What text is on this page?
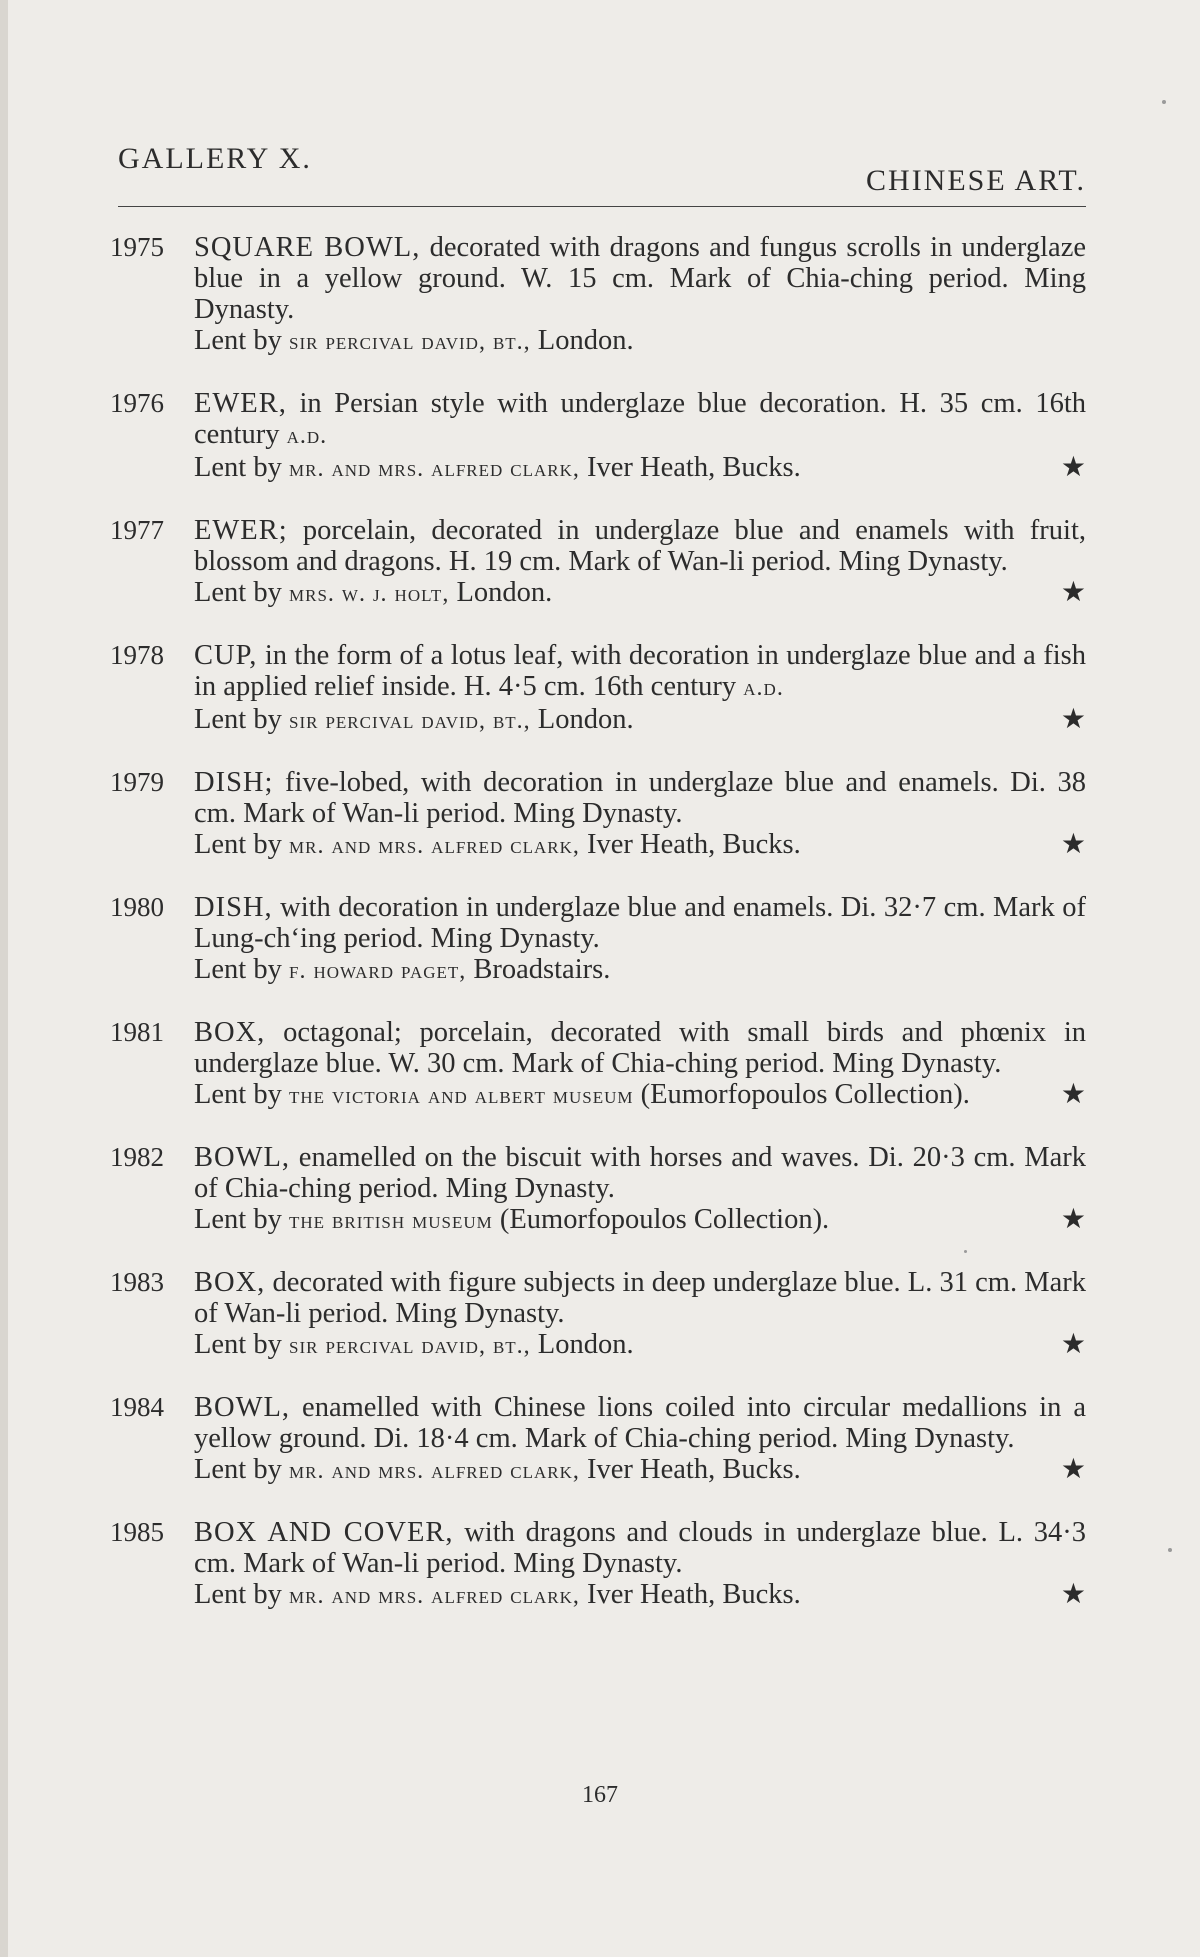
GALLERY X.
CHINESE ART.
1975	SQUARE BOWL, decorated with dragons and fungus scrolls in underglaze blue in a yellow ground. W. 15 cm. Mark of Chia-ching period. Ming Dynasty.
Lent by sir percival david, bt., London.
1976	EWER, in Persian style with underglaze blue decoration. H. 35 cm. 16th century a.d.
★
Lent by mr. and mrs. alfred clark, Iver Heath, Bucks.
1977	EWER; porcelain, decorated in underglaze blue and enamels with fruit, blossom and dragons. H. 19 cm. Mark of Wan-li period. Ming Dynasty.
★
Lent by mrs. w. j. holt, London.
1978	CUP, in the form of a lotus leaf, with decoration in underglaze blue and a fish in applied relief inside. H. 4·5 cm. 16th century a.d.
★
Lent by sir percival david, bt., London.
1979	DISH; five-lobed, with decoration in underglaze blue and enamels. Di. 38 cm. Mark of Wan-li period. Ming Dynasty.
★
Lent by mr. and mrs. alfred clark, Iver Heath, Bucks.
1980	DISH, with decoration in underglaze blue and enamels. Di. 32·7 cm. Mark of Lung-ch‘ing period. Ming Dynasty.
Lent by f. howard paget, Broadstairs.
1981	BOX, octagonal; porcelain, decorated with small birds and phœnix in underglaze blue. W. 30 cm. Mark of Chia-ching period. Ming Dynasty.
★
Lent by the victoria and albert museum (Eumorfopoulos Collection).
1982	BOWL, enamelled on the biscuit with horses and waves. Di. 20·3 cm. Mark of Chia-ching period. Ming Dynasty.
★
Lent by the british museum (Eumorfopoulos Collection).
1983	BOX, decorated with figure subjects in deep underglaze blue. L. 31 cm. Mark of Wan-li period. Ming Dynasty.
★
Lent by sir percival david, bt., London.
1984	BOWL, enamelled with Chinese lions coiled into circular medallions in a yellow ground. Di. 18·4 cm. Mark of Chia-ching period. Ming Dynasty.
★
Lent by mr. and mrs. alfred clark, Iver Heath, Bucks.
1985	BOX AND COVER, with dragons and clouds in underglaze blue. L. 34·3 cm. Mark of Wan-li period. Ming Dynasty.
★
Lent by mr. and mrs. alfred clark, Iver Heath, Bucks.
167
